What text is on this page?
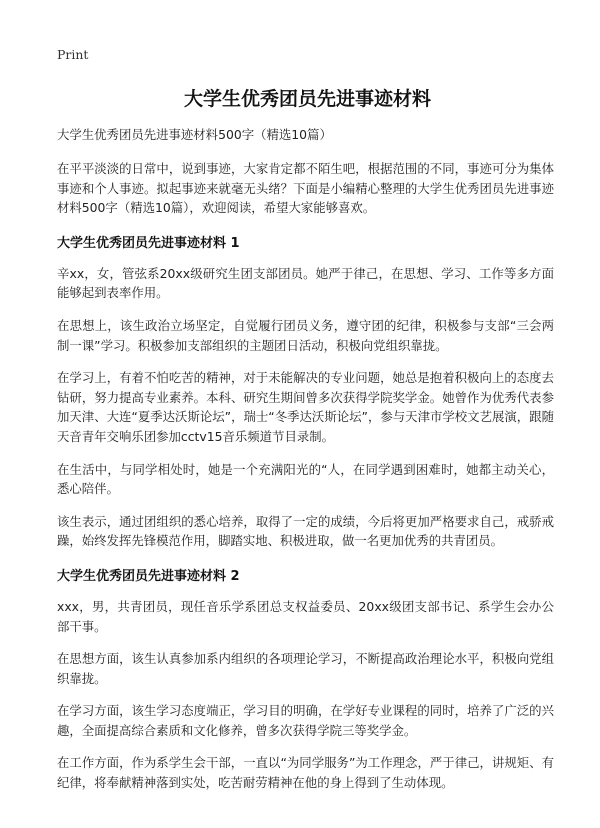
Print
大学生优秀团员先进事迹材料

大学生优秀团员先进事迹材料500字（精选10篇）

在平平淡淡的日常中，说到事迹，大家肯定都不陌生吧，根据范围的不同，事迹可分为集体事迹和个人事迹。拟起事迹来就毫无头绪？下面是小编精心整理的大学生优秀团员先进事迹材料500字（精选10篇），欢迎阅读，希望大家能够喜欢。

大学生优秀团员先进事迹材料 1

辛xx，女，管弦系20xx级研究生团支部团员。她严于律己，在思想、学习、工作等多方面能够起到表率作用。

在思想上，该生政治立场坚定，自觉履行团员义务，遵守团的纪律，积极参与支部“三会两制一课”学习。积极参加支部组织的主题团日活动，积极向党组织靠拢。

在学习上，有着不怕吃苦的精神，对于未能解决的专业问题，她总是抱着积极向上的态度去钻研，努力提高专业素养。本科、研究生期间曾多次获得学院奖学金。她曾作为优秀代表参加天津、大连“夏季达沃斯论坛”，瑞士“冬季达沃斯论坛”，参与天津市学校文艺展演，跟随天音青年交响乐团参加cctv15音乐频道节目录制。

在生活中，与同学相处时，她是一个充满阳光的“人，在同学遇到困难时，她都主动关心，悉心陪伴。

该生表示，通过团组织的悉心培养，取得了一定的成绩，今后将更加严格要求自己，戒骄戒躁，始终发挥先锋模范作用，脚踏实地、积极进取，做一名更加优秀的共青团员。

大学生优秀团员先进事迹材料 2

xxx，男，共青团员，现任音乐学系团总支权益委员、20xx级团支部书记、系学生会办公部干事。

在思想方面，该生认真参加系内组织的各项理论学习，不断提高政治理论水平，积极向党组织靠拢。

在学习方面，该生学习态度端正，学习目的明确，在学好专业课程的同时，培养了广泛的兴趣，全面提高综合素质和文化修养，曾多次获得学院三等奖学金。

在工作方面，作为系学生会干部，一直以“为同学服务”为工作理念，严于律己，讲规矩、有纪律，将奉献精神落到实处，吃苦耐劳精神在他的身上得到了生动体现。
